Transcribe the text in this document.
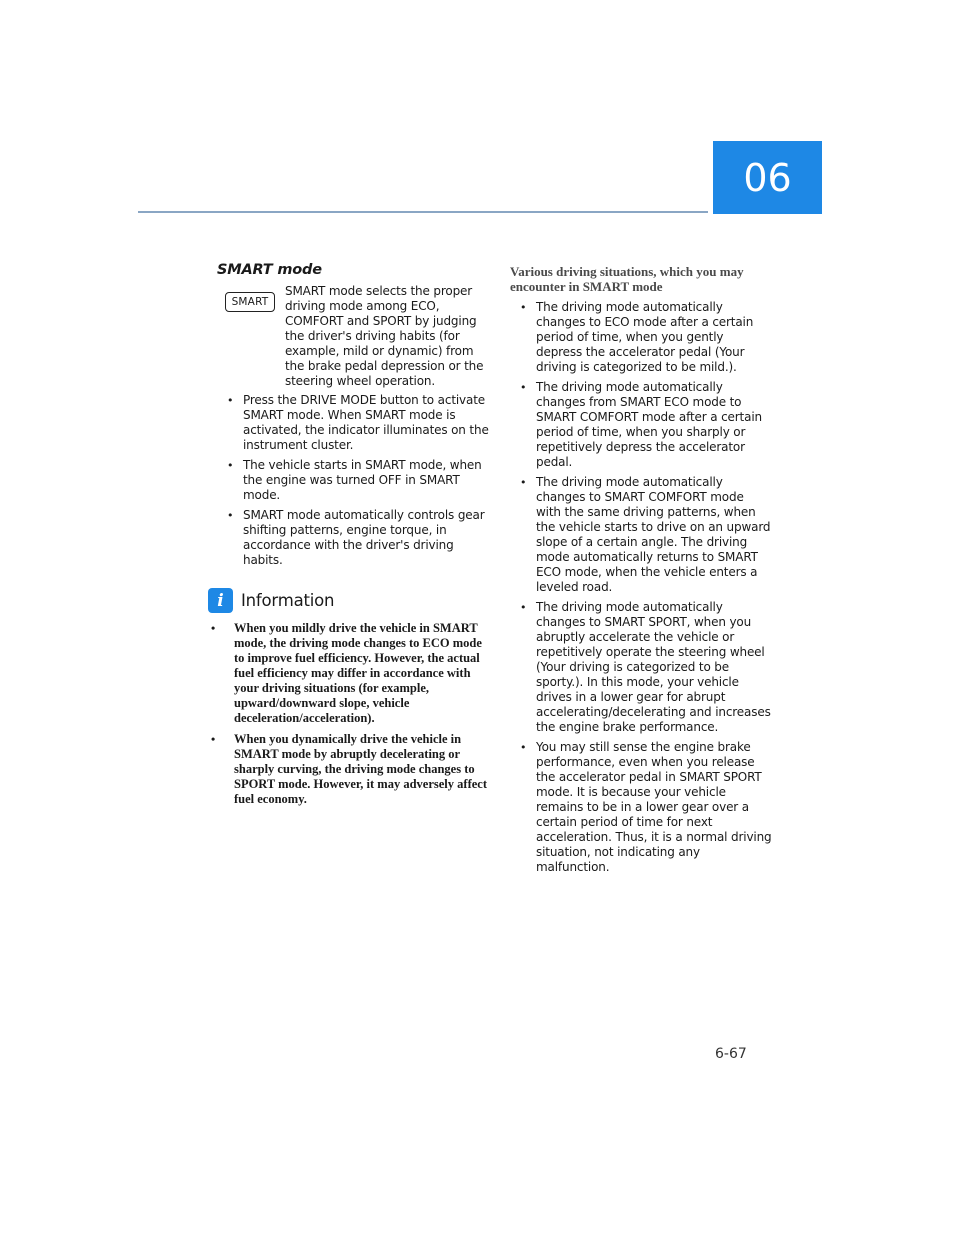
06
SMART mode
SMART
SMART mode selects the proper driving mode among ECO, COMFORT and SPORT by judging the driver's driving habits (for example, mild or dynamic) from the brake pedal depression or the steering wheel operation.
• Press the DRIVE MODE button to activate SMART mode. When SMART mode is activated, the indicator illuminates on the instrument cluster.
• The vehicle starts in SMART mode, when the engine was turned OFF in SMART mode.
• SMART mode automatically controls gear shifting patterns, engine torque, in accordance with the driver's driving habits.
i	Information
• When you mildly drive the vehicle in SMART mode, the driving mode changes to ECO mode to improve fuel efficiency. However, the actual fuel efficiency may differ in accordance with your driving situations (for example, upward/downward slope, vehicle deceleration/acceleration).
• When you dynamically drive the vehicle in SMART mode by abruptly decelerating or sharply curving, the driving mode changes to SPORT mode. However, it may adversely affect fuel economy.
Various driving situations, which you may encounter in SMART mode
• The driving mode automatically changes to ECO mode after a certain period of time, when you gently depress the accelerator pedal (Your driving is categorized to be mild.).
• The driving mode automatically changes from SMART ECO mode to SMART COMFORT mode after a certain period of time, when you sharply or repetitively depress the accelerator pedal.
• The driving mode automatically changes to SMART COMFORT mode with the same driving patterns, when the vehicle starts to drive on an upward slope of a certain angle. The driving mode automatically returns to SMART ECO mode, when the vehicle enters a leveled road.
• The driving mode automatically changes to SMART SPORT, when you abruptly accelerate the vehicle or repetitively operate the steering wheel (Your driving is categorized to be sporty.). In this mode, your vehicle drives in a lower gear for abrupt accelerating/decelerating and increases the engine brake performance.
• You may still sense the engine brake performance, even when you release the accelerator pedal in SMART SPORT mode. It is because your vehicle remains to be in a lower gear over a certain period of time for next acceleration. Thus, it is a normal driving situation, not indicating any malfunction.
6-67
